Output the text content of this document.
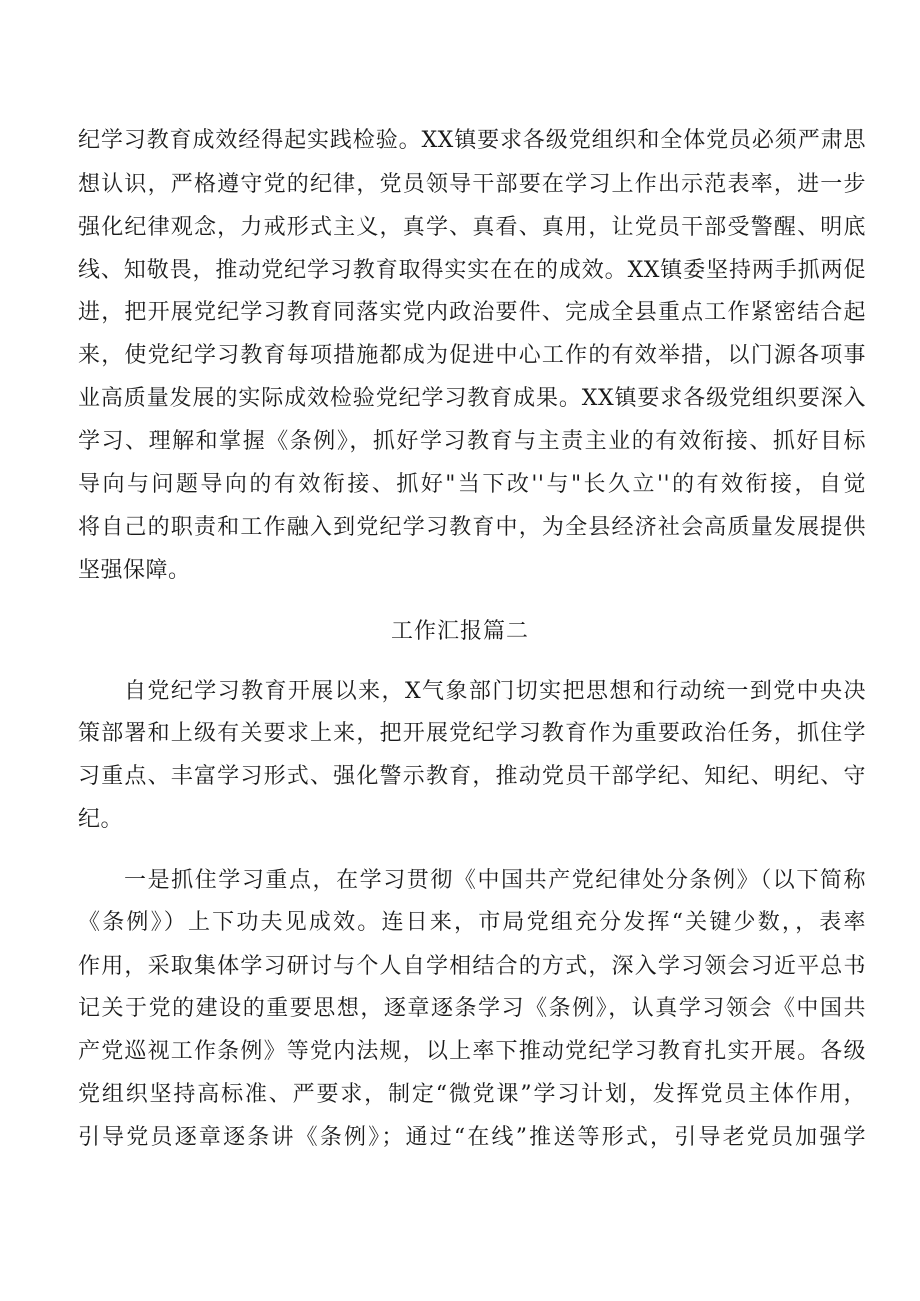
纪学习教育成效经得起实践检验。XX镇要求各级党组织和全体党员必须严肃思
想认识，严格遵守党的纪律，党员领导干部要在学习上作出示范表率，进一步
强化纪律观念，力戒形式主义，真学、真看、真用，让党员干部受警醒、明底
线、知敬畏，推动党纪学习教育取得实实在在的成效。XX镇委坚持两手抓两促
进，把开展党纪学习教育同落实党内政治要件、完成全县重点工作紧密结合起
来，使党纪学习教育每项措施都成为促进中心工作的有效举措，以门源各项事
业高质量发展的实际成效检验党纪学习教育成果。XX镇要求各级党组织要深入
学习、理解和掌握《条例》，抓好学习教育与主责主业的有效衔接、抓好目标
导向与问题导向的有效衔接、抓好"当下改''与"长久立''的有效衔接，自觉
将自己的职责和工作融入到党纪学习教育中，为全县经济社会高质量发展提供
坚强保障。
工作汇报篇二
自党纪学习教育开展以来，X气象部门切实把思想和行动统一到党中央决
策部署和上级有关要求上来，把开展党纪学习教育作为重要政治任务，抓住学
习重点、丰富学习形式、强化警示教育，推动党员干部学纪、知纪、明纪、守
纪。
一是抓住学习重点，在学习贯彻《中国共产党纪律处分条例》（以下简称
《条例》）上下功夫见成效。连日来，市局党组充分发挥“关键少数，，表率
作用，采取集体学习研讨与个人自学相结合的方式，深入学习领会习近平总书
记关于党的建设的重要思想，逐章逐条学习《条例》，认真学习领会《中国共
产党巡视工作条例》等党内法规，以上率下推动党纪学习教育扎实开展。各级
党组织坚持高标准、严要求，制定“微党课”学习计划，发挥党员主体作用，
引导党员逐章逐条讲《条例》；通过“在线”推送等形式，引导老党员加强学
